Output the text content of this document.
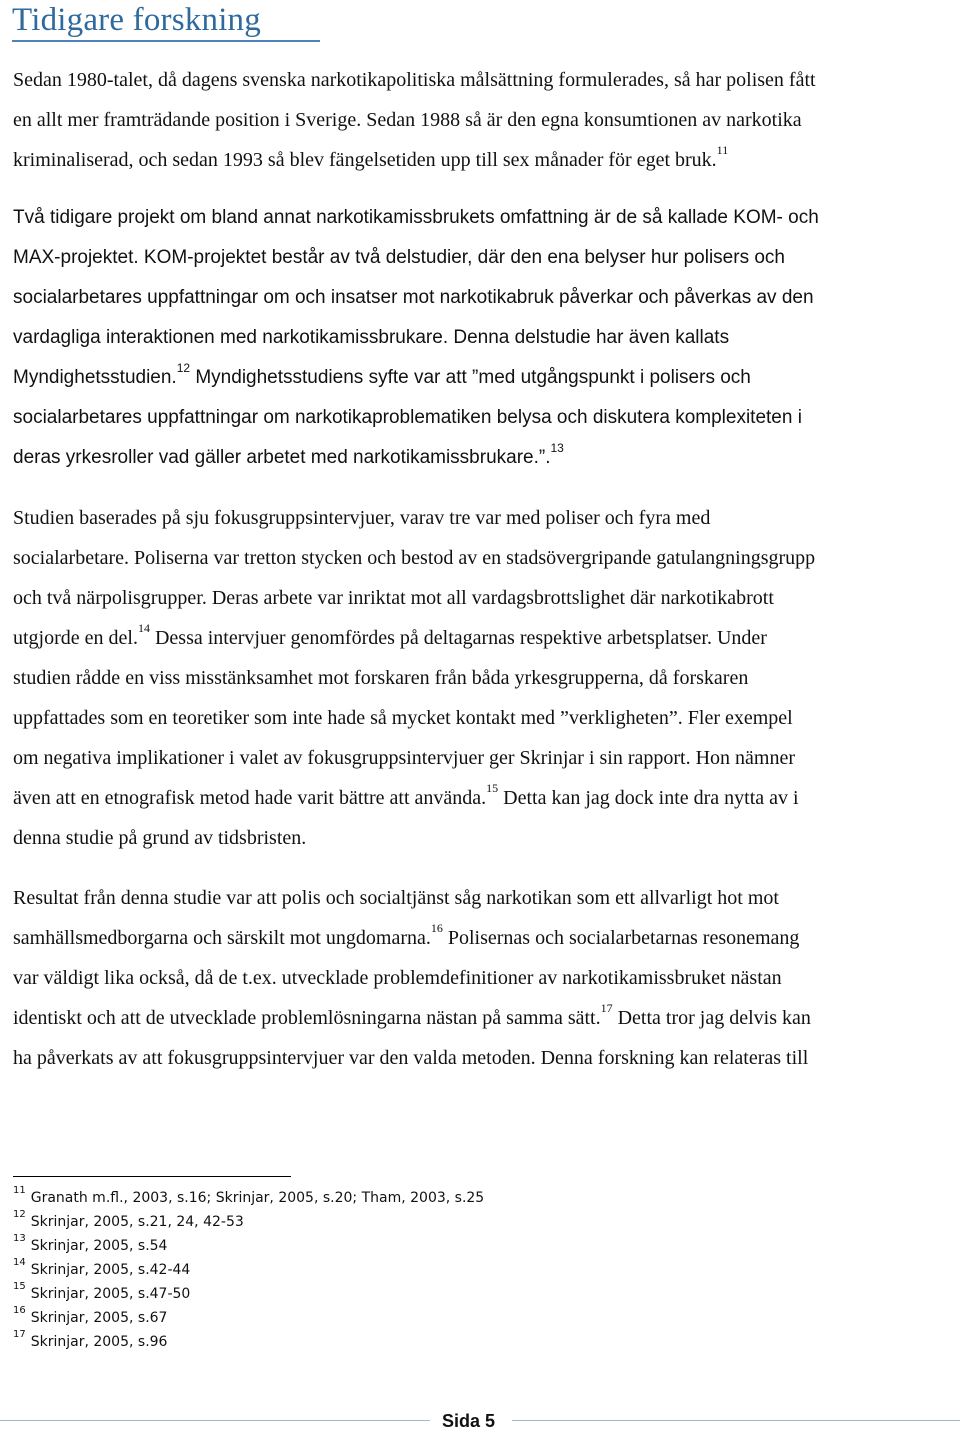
Tidigare forskning

Sedan 1980-talet, då dagens svenska narkotikapolitiska målsättning formulerades, så har polisen fått
en allt mer framträdande position i Sverige. Sedan 1988 så är den egna konsumtionen av narkotika
kriminaliserad, och sedan 1993 så blev fängelsetiden upp till sex månader för eget bruk.$^{11}$

Två tidigare projekt om bland annat narkotikamissbrukets omfattning är de så kallade KOM- och
MAX-projektet. KOM-projektet består av två delstudier, där den ena belyser hur polisers och
socialarbetares uppfattningar om och insatser mot narkotikabruk påverkar och påverkas av den
vardagliga interaktionen med narkotikamissbrukare. Denna delstudie har även kallats
Myndighetsstudien.$^{12}$ Myndighetsstudiens syfte var att ”med utgångspunkt i polisers och
socialarbetares uppfattningar om narkotikaproblematiken belysa och diskutera komplexiteten i
deras yrkesroller vad gäller arbetet med narkotikamissbrukare.”.$^{13}$

Studien baserades på sju fokusgruppsintervjuer, varav tre var med poliser och fyra med
socialarbetare. Poliserna var tretton stycken och bestod av en stadsövergripande gatulangningsgrupp
och två närpolisgrupper. Deras arbete var inriktat mot all vardagsbrottslighet där narkotikabrott
utgjorde en del.$^{14}$ Dessa intervjuer genomfördes på deltagarnas respektive arbetsplatser. Under
studien rådde en viss misstänksamhet mot forskaren från båda yrkesgrupperna, då forskaren
uppfattades som en teoretiker som inte hade så mycket kontakt med ”verkligheten”. Fler exempel
om negativa implikationer i valet av fokusgruppsintervjuer ger Skrinjar i sin rapport. Hon nämner
även att en etnografisk metod hade varit bättre att använda.$^{15}$ Detta kan jag dock inte dra nytta av i
denna studie på grund av tidsbristen.

Resultat från denna studie var att polis och socialtjänst såg narkotikan som ett allvarligt hot mot
samhällsmedborgarna och särskilt mot ungdomarna.$^{16}$ Polisernas och socialarbetarnas resonemang
var väldigt lika också, då de t.ex. utvecklade problemdefinitioner av narkotikamissbruket nästan
identiskt och att de utvecklade problemlösningarna nästan på samma sätt.$^{17}$ Detta tror jag delvis kan
ha påverkats av att fokusgruppsintervjuer var den valda metoden. Denna forskning kan relateras till

$^{11}$ Granath m.fl., 2003, s.16; Skrinjar, 2005, s.20; Tham, 2003, s.25
$^{12}$ Skrinjar, 2005, s.21, 24, 42-53
$^{13}$ Skrinjar, 2005, s.54
$^{14}$ Skrinjar, 2005, s.42-44
$^{15}$ Skrinjar, 2005, s.47-50
$^{16}$ Skrinjar, 2005, s.67
$^{17}$ Skrinjar, 2005, s.96
Sida 5
